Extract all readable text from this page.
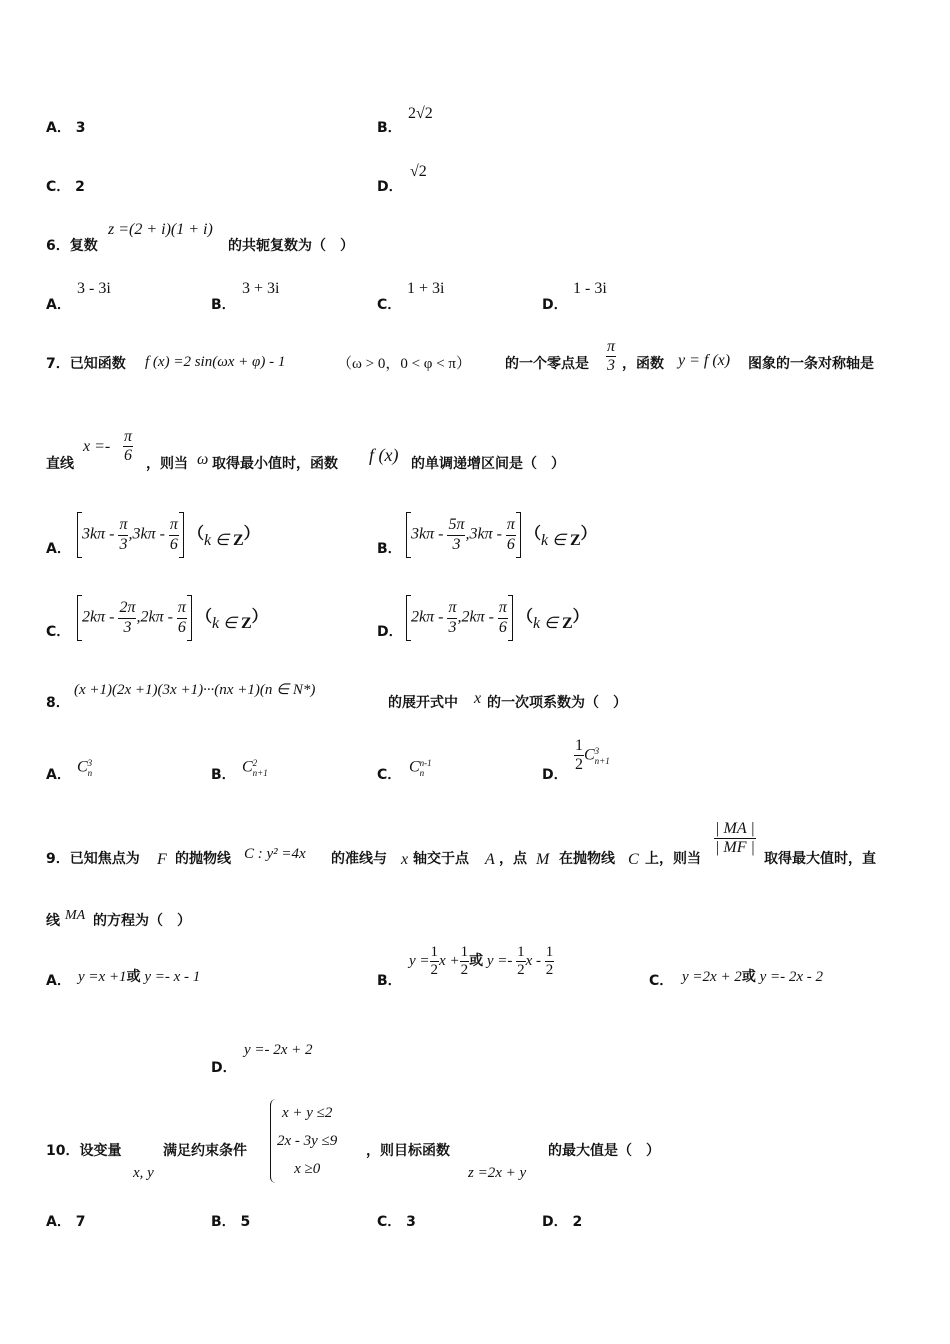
A． 3	B．
2√2
C． 2	D．
√2
6．复数
z =(2 + i)(1 + i)
的共轭复数为（　）
A．
3 - 3i
B．
3 + 3i
C．
1 + 3i
D．
1 - 3i
7．已知函数 f (x) =2 sin(ωx + φ) - 1	（ω > 0，0 < φ < π） 的一个零点是 $\frac{\pi}{3}$ ，函数 y = f (x) 图象的一条对称轴是
直线
$x =- \frac{\pi}{6}$ ，则当 ω 取得最小值时，函数 f (x) 的单调递增区间是（　）
A．
$3k\pi - \frac{\pi}{3} ,3k\pi - \frac{\pi}{6} (k$ ∈ Z）
B．
$3k\pi - \frac{5\pi}{3} ,3k\pi - \frac{\pi}{6} (k$ ∈ Z）
C．
$2k\pi - \frac{2\pi}{3} ,2k\pi - \frac{\pi}{6} (k$ ∈ Z）
D．
$2k\pi - \frac{\pi}{3} ,2k\pi - \frac{\pi}{6} (k$ ∈ Z）
8．
(x +1)(2x +1)(3x +1)···(nx +1)(n ∈ N*)
的展开式中 x 的一次项系数为（　）
A． C 3
n	B． C 2
n+1	C． C n-1
n	D．
$\frac{1}{2}$ C 3
n+1
9．已知焦点为 F 的抛物线 C : y² =4x 的准线与 x 轴交于点 A ，点 M 在抛物线 C 上，则当
$\frac{| MA |}{| MF |}$
取得最大值时，直
线 MA 的方程为（　）
A． y =x +1或 y =- x - 1	B．
$y = \frac{1}{2}$ $x + \frac{1}{2}$ 或 $y =- \frac{1}{2}$ x - $\frac{1}{2}$
C． y =2x + 2或 y =- 2x - 2
D．
y =- 2x + 2
10．设变量
x, y
满足约束条件
x + y ≤2
2x - 3y ≤9
x ≥0
，则目标函数
z =2x + y
的最大值是（　）
A． 7	B． 5	C． 3	D． 2
